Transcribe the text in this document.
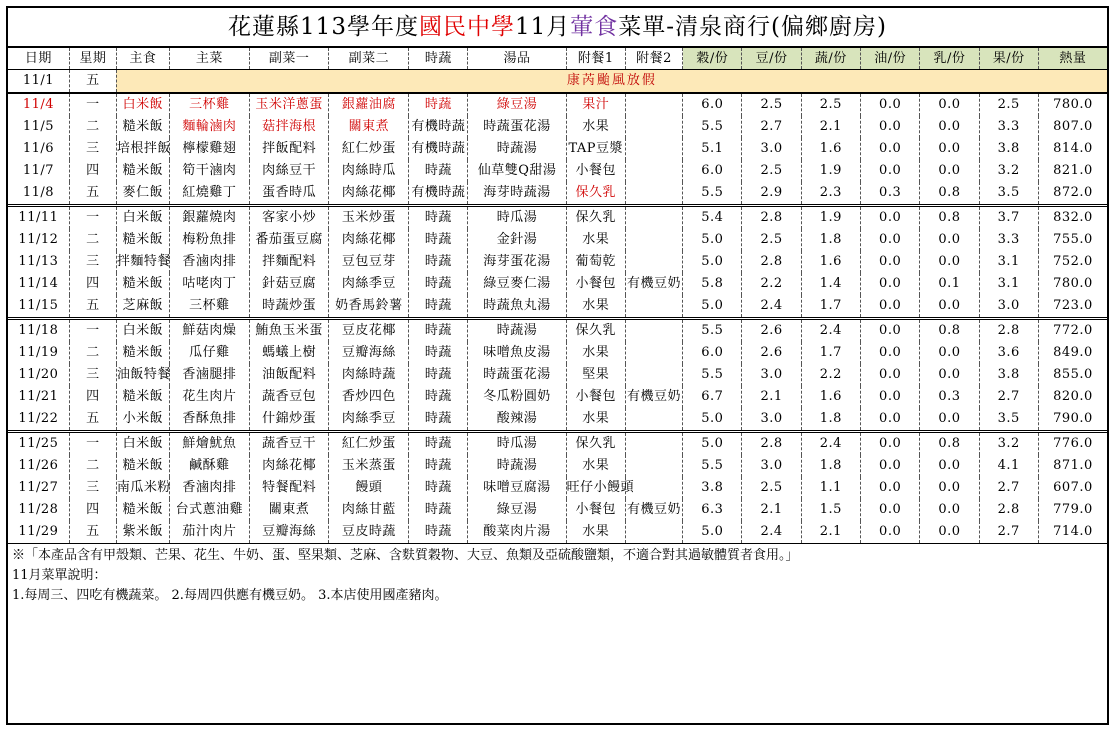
花蓮縣113學年度國民中學11月葷食菜單-清泉商行(偏鄉廚房)
日期	星期	主食	主菜	副菜一	副菜二	時蔬	湯品	附餐1	附餐2	穀/份	豆/份	蔬/份	油/份	乳/份	果/份	熱量
11/1	五	康芮颱風放假														
11/4	一	白米飯	三杯雞	玉米洋蔥蛋	銀蘿油腐	時蔬	綠豆湯	果汁		6.0	2.5	2.5	0.0	0.0	2.5	780.0
11/5	二	糙米飯	麵輪滷肉	菇拌海根	關東煮	有機時蔬	時蔬蛋花湯	水果		5.5	2.7	2.1	0.0	0.0	3.3	807.0
11/6	三	培根拌飯	檸檬雞翅	拌飯配料	紅仁炒蛋	有機時蔬	時蔬湯	TAP豆漿		5.1	3.0	1.6	0.0	0.0	3.8	814.0
11/7	四	糙米飯	筍干滷肉	肉絲豆干	肉絲時瓜	時蔬	仙草雙Q甜湯	小餐包		6.0	2.5	1.9	0.0	0.0	3.2	821.0
11/8	五	麥仁飯	紅燒雞丁	蛋香時瓜	肉絲花椰	有機時蔬	海芽時蔬湯	保久乳		5.5	2.9	2.3	0.3	0.8	3.5	872.0
11/11	一	白米飯	銀蘿燒肉	客家小炒	玉米炒蛋	時蔬	時瓜湯	保久乳		5.4	2.8	1.9	0.0	0.8	3.7	832.0
11/12	二	糙米飯	梅粉魚排	番茄蛋豆腐	肉絲花椰	時蔬	金針湯	水果		5.0	2.5	1.8	0.0	0.0	3.3	755.0
11/13	三	拌麵特餐	香滷肉排	拌麵配料	豆包豆芽	時蔬	海芽蛋花湯	葡萄乾		5.0	2.8	1.6	0.0	0.0	3.1	752.0
11/14	四	糙米飯	咕咾肉丁	針菇豆腐	肉絲季豆	時蔬	綠豆麥仁湯	小餐包	有機豆奶	5.8	2.2	1.4	0.0	0.1	3.1	780.0
11/15	五	芝麻飯	三杯雞	時蔬炒蛋	奶香馬鈴薯	時蔬	時蔬魚丸湯	水果		5.0	2.4	1.7	0.0	0.0	3.0	723.0
11/18	一	白米飯	鮮菇肉燥	鮪魚玉米蛋	豆皮花椰	時蔬	時蔬湯	保久乳		5.5	2.6	2.4	0.0	0.8	2.8	772.0
11/19	二	糙米飯	瓜仔雞	螞蟻上樹	豆瓣海絲	時蔬	味噌魚皮湯	水果		6.0	2.6	1.7	0.0	0.0	3.6	849.0
11/20	三	油飯特餐	香滷腿排	油飯配料	肉絲時蔬	時蔬	時蔬蛋花湯	堅果		5.5	3.0	2.2	0.0	0.0	3.8	855.0
11/21	四	糙米飯	花生肉片	蔬香豆包	香炒四色	時蔬	冬瓜粉圓奶	小餐包	有機豆奶	6.7	2.1	1.6	0.0	0.3	2.7	820.0
11/22	五	小米飯	香酥魚排	什錦炒蛋	肉絲季豆	時蔬	酸辣湯	水果		5.0	3.0	1.8	0.0	0.0	3.5	790.0
11/25	一	白米飯	鮮燴魷魚	蔬香豆干	紅仁炒蛋	時蔬	時瓜湯	保久乳		5.0	2.8	2.4	0.0	0.8	3.2	776.0
11/26	二	糙米飯	鹹酥雞	肉絲花椰	玉米蒸蛋	時蔬	時蔬湯	水果		5.5	3.0	1.8	0.0	0.0	4.1	871.0
11/27	三	南瓜米粉	香滷肉排	特餐配料	饅頭	時蔬	味噌豆腐湯	旺仔小饅頭		3.8	2.5	1.1	0.0	0.0	2.7	607.0
11/28	四	糙米飯	台式蔥油雞	關東煮	肉絲甘藍	時蔬	綠豆湯	小餐包	有機豆奶	6.3	2.1	1.5	0.0	0.0	2.8	779.0
11/29	五	紫米飯	茄汁肉片	豆瓣海絲	豆皮時蔬	時蔬	酸菜肉片湯	水果		5.0	2.4	2.1	0.0	0.0	2.7	714.0
※「本產品含有甲殼類、芒果、花生、牛奶、蛋、堅果類、芝麻、含麩質穀物、大豆、魚類及亞硫酸鹽類，不適合對其過敏體質者食用。」
11月菜單說明：
1.每周三、四吃有機蔬菜。 2.每周四供應有機豆奶。 3.本店使用國產豬肉。
